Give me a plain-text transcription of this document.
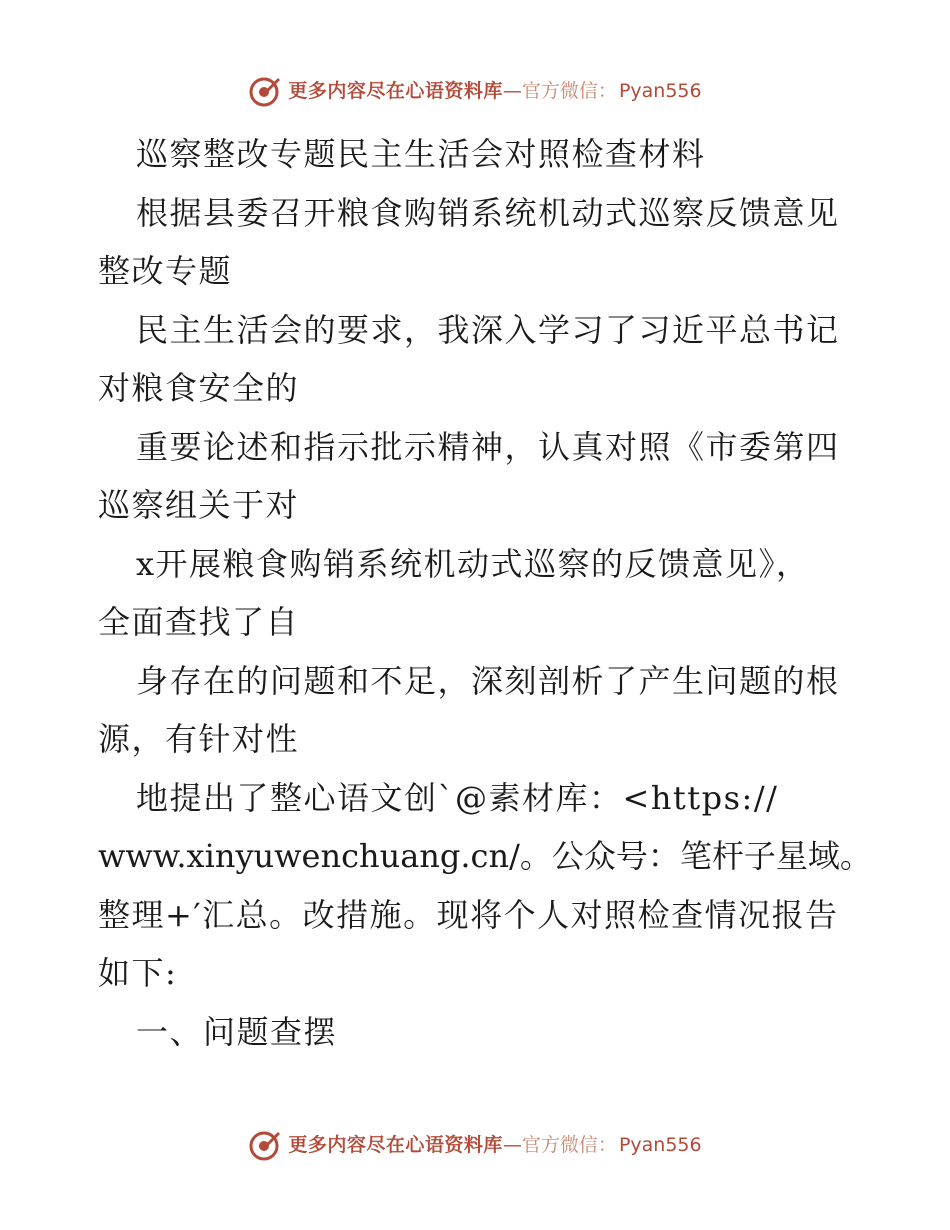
更多内容尽在心语资料库 — 官方微信： Pyan556

巡察整改专题民主生活会对照检查材料

根据县委召开粮食购销系统机动式巡察反馈意见

整改专题

民主生活会的要求，我深入学习了习近平总书记

对粮食安全的

重要论述和指示批示精神，认真对照《市委第四

巡察组关于对

x开展粮食购销系统机动式巡察的反馈意见》，

全面查找了自

身存在的问题和不足，深刻剖析了产生问题的根

源，有针对性

地提出了整心语文创`@素材库：<https://

www.xinyuwenchuang.cn/。公众号：笔杆子星域。

整理+′汇总。改措施。现将个人对照检查情况报告

如下:

一、问题查摆

更多内容尽在心语资料库 — 官方微信： Pyan556
